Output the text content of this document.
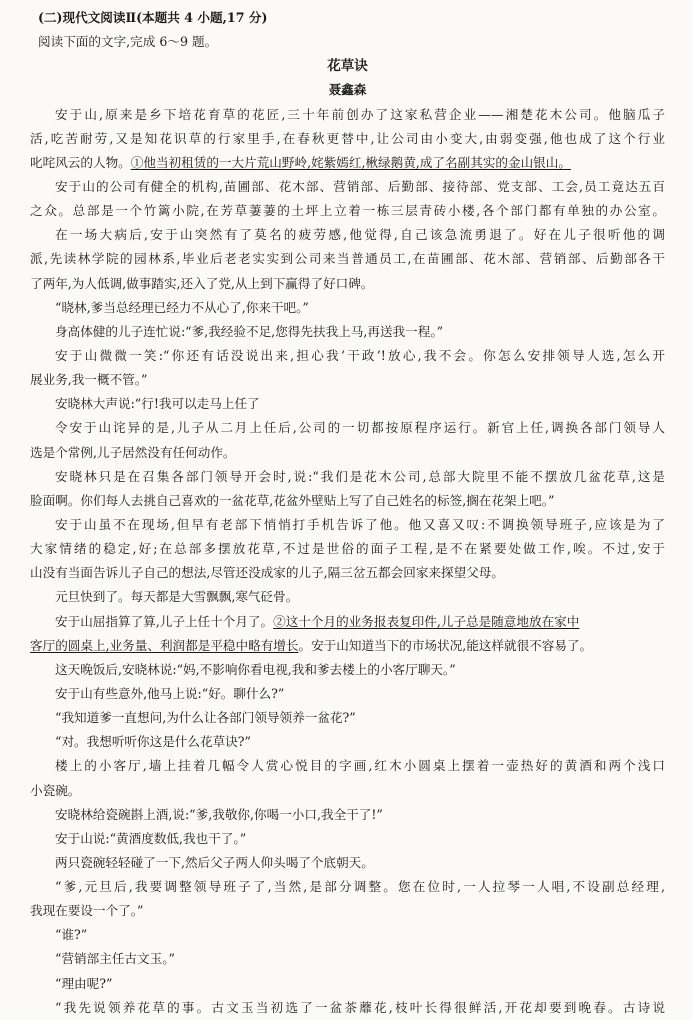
(二)现代文阅读Ⅱ(本题共 4 小题,17 分)
阅读下面的文字,完成 6～9 题。
花草诀
聂鑫森
安于山,原来是乡下培花育草的花匠,三十年前创办了这家私营企业——湘楚花木公司。他脑瓜子
活,吃苦耐劳,又是知花识草的行家里手,在春秋更替中,让公司由小变大,由弱变强,他也成了这个行业
叱咤风云的人物。①他当初租赁的一大片荒山野岭,姹紫嫣红,楸绿鹅黄,成了名副其实的金山银山。
安于山的公司有健全的机构,苗圃部、花木部、营销部、后勤部、接待部、党支部、工会,员工竟达五百
之众。总部是一个竹篱小院,在芳草萋萋的土坪上立着一栋三层青砖小楼,各个部门都有单独的办公室。
在一场大病后,安于山突然有了莫名的疲劳感,他觉得,自己该急流勇退了。好在儿子很听他的调
派,先读林学院的园林系,毕业后老老实实到公司来当普通员工,在苗圃部、花木部、营销部、后勤部各干
了两年,为人低调,做事踏实,还入了党,从上到下赢得了好口碑。
“晓林,爹当总经理已经力不从心了,你来干吧。”
身高体健的儿子连忙说:“爹,我经验不足,您得先扶我上马,再送我一程。”
安于山微微一笑:“你还有话没说出来,担心我‘干政’!放心,我不会。你怎么安排领导人选,怎么开
展业务,我一概不管。”
安晓林大声说:“行!我可以走马上任了
令安于山诧异的是,儿子从二月上任后,公司的一切都按原程序运行。新官上任,调换各部门领导人
选是个常例,儿子居然没有任何动作。
安晓林只是在召集各部门领导开会时,说:“我们是花木公司,总部大院里不能不摆放几盆花草,这是
脸面啊。你们每人去挑自己喜欢的一盆花草,花盆外壁贴上写了自己姓名的标签,搁在花架上吧。”
安于山虽不在现场,但早有老部下悄悄打手机告诉了他。他又喜又叹:不调换领导班子,应该是为了
大家情绪的稳定,好;在总部多摆放花草,不过是世俗的面子工程,是不在紧要处做工作,唉。不过,安于
山没有当面告诉儿子自己的想法,尽管还没成家的儿子,隔三岔五都会回家来探望父母。
元旦快到了。每天都是大雪飘飘,寒气砭骨。
安于山屈指算了算,儿子上任十个月了。②这十个月的业务报表复印件,儿子总是随意地放在家中
客厅的圆桌上,业务量、利润都是平稳中略有增长。安于山知道当下的市场状况,能这样就很不容易了。
这天晚饭后,安晓林说:“妈,不影响你看电视,我和爹去楼上的小客厅聊天。”
安于山有些意外,他马上说:“好。聊什么?”
“我知道爹一直想问,为什么让各部门领导领养一盆花?”
“对。我想听听你这是什么花草诀?”
楼上的小客厅,墙上挂着几幅令人赏心悦目的字画,红木小圆桌上摆着一壶热好的黄酒和两个浅口
小瓷碗。
安晓林给瓷碗斟上酒,说:“爹,我敬你,你喝一小口,我全干了!”
安于山说:“黄酒度数低,我也干了。”
两只瓷碗轻轻碰了一下,然后父子两人仰头喝了个底朝天。
“爹,元旦后,我要调整领导班子了,当然,是部分调整。您在位时,一人拉琴一人唱,不设副总经理,
我现在要设一个了。”
“谁?”
“营销部主任古文玉。”
“理由呢?”
“我先说领养花草的事。古文玉当初选了一盆茶蘼花,枝叶长得很鲜活,开花却要到晚春。古诗说
